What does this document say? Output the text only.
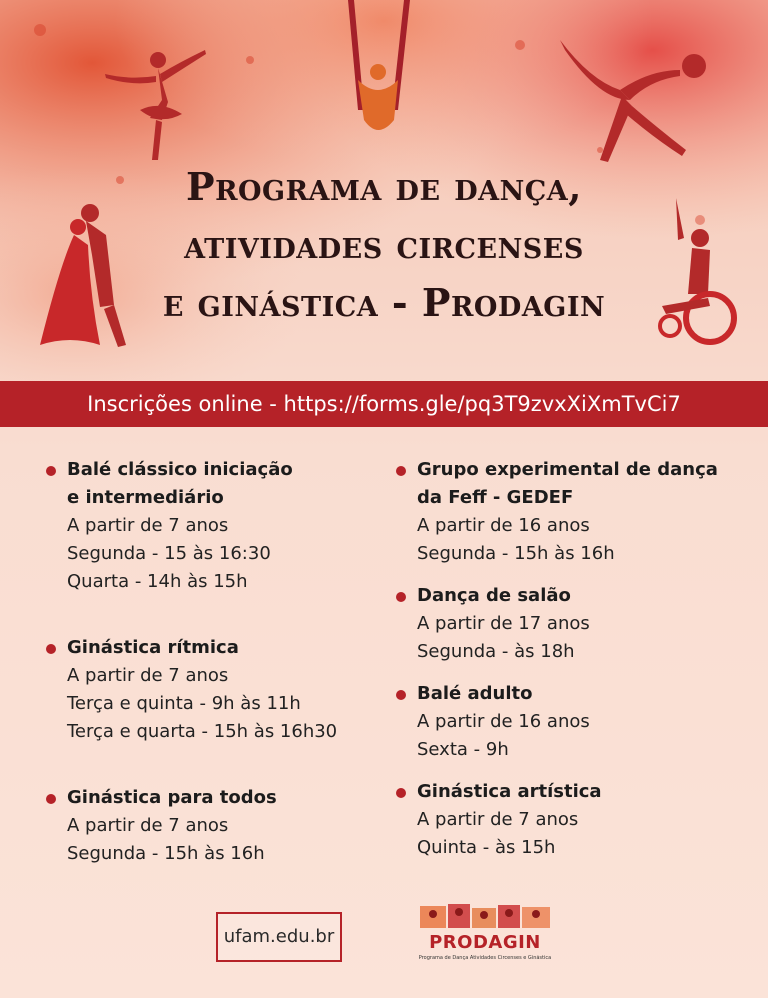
Programa de dança,
atividades circenses
e ginástica - Prodagin
Inscrições online - https://forms.gle/pq3T9zvxXiXmTvCi7
Balé clássico iniciação
e intermediário
A partir de 7 anos
Segunda - 15 às 16:30
Quarta - 14h às 15h
Ginástica rítmica
A partir de 7 anos
Terça e quinta - 9h às 11h
Terça e quarta - 15h às 16h30
Ginástica para todos
A partir de 7 anos
Segunda - 15h às 16h
Grupo experimental de dança
da Feff - GEDEF
A partir de 16 anos
Segunda - 15h às 16h
Dança de salão
A partir de 17 anos
Segunda - às 18h
Balé adulto
A partir de 16 anos
Sexta - 9h
Ginástica artística
A partir de 7 anos
Quinta - às 15h
ufam.edu.br	PRODAGIN
Programa de Dança Atividades Circenses e Ginástica
